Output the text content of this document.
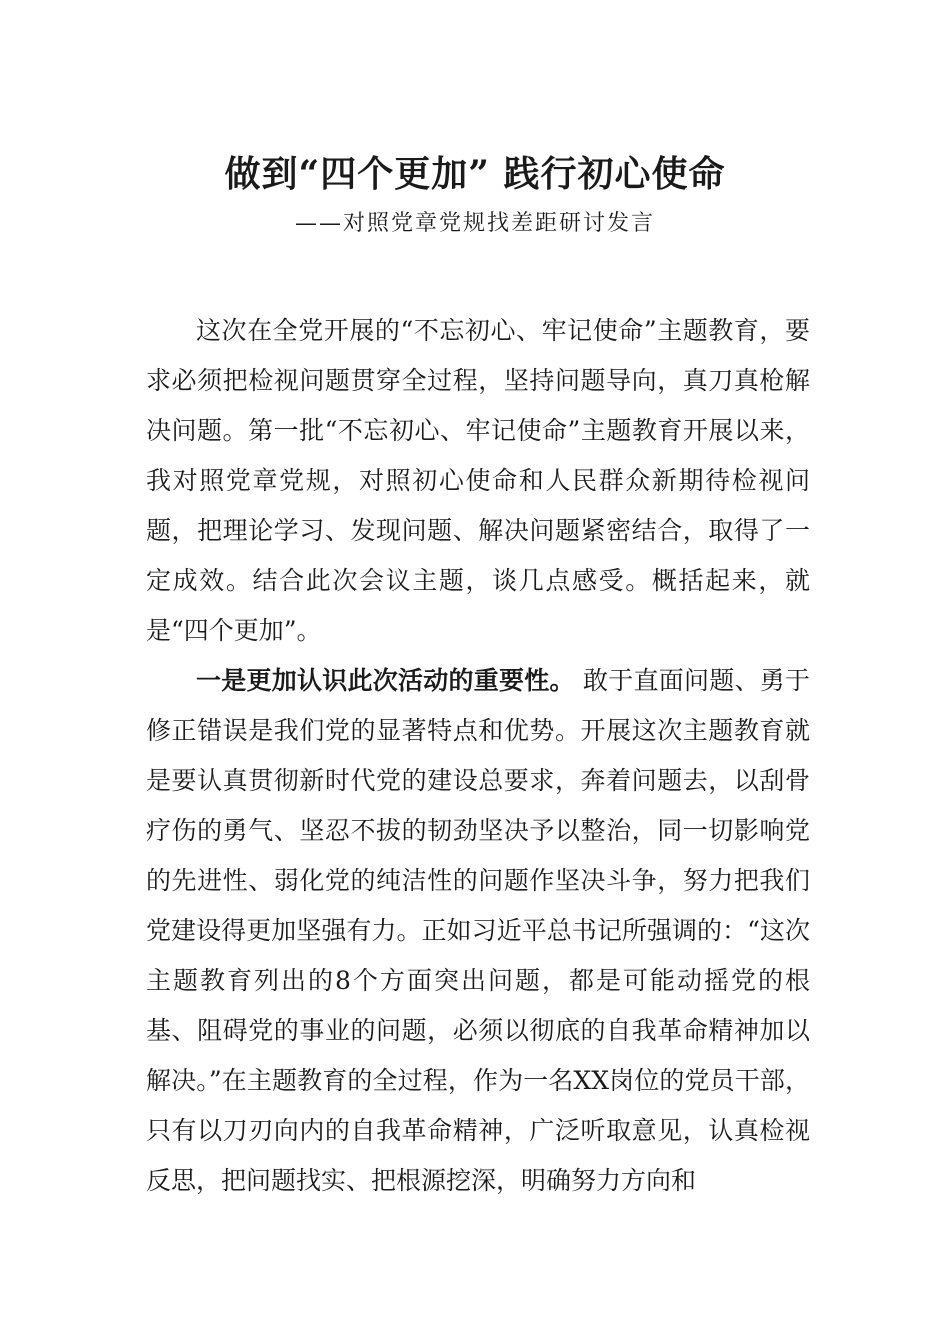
做到“四个更加” 践行初心使命
——对照党章党规找差距研讨发言

这次在全党开展的“不忘初心、牢记使命”主题教育，要求必须把检视问题贯穿全过程，坚持问题导向，真刀真枪解决问题。第一批“不忘初心、牢记使命”主题教育开展以来，我对照党章党规，对照初心使命和人民群众新期待检视问题，把理论学习、发现问题、解决问题紧密结合，取得了一定成效。结合此次会议主题，谈几点感受。概括起来，就是“四个更加”。

一是更加认识此次活动的重要性。 敢于直面问题、勇于修正错误是我们党的显著特点和优势。开展这次主题教育就是要认真贯彻新时代党的建设总要求，奔着问题去，以刮骨疗伤的勇气、坚忍不拔的韧劲坚决予以整治，同一切影响党的先进性、弱化党的纯洁性的问题作坚决斗争，努力把我们党建设得更加坚强有力。正如习近平总书记所强调的：“这次主题教育列出的8个方面突出问题，都是可能动摇党的根基、阻碍党的事业的问题，必须以彻底的自我革命精神加以解决。”在主题教育的全过程，作为一名XX岗位的党员干部，只有以刀刃向内的自我革命精神，广泛听取意见，认真检视反思，把问题找实、把根源挖深，明确努力方向和
